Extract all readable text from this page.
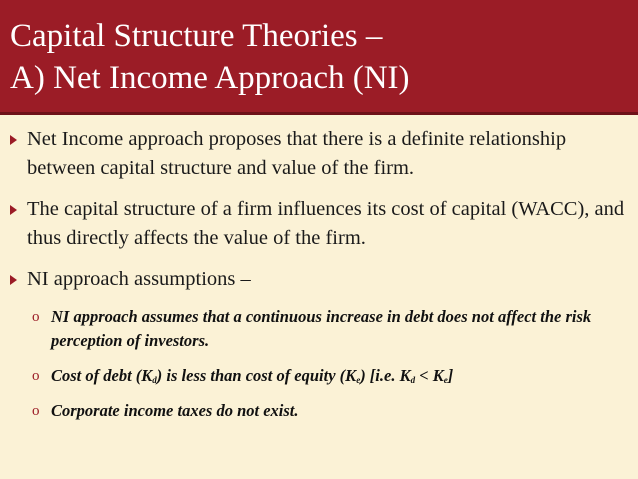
Capital Structure Theories –
A) Net Income Approach (NI)
Net Income approach proposes that there is a definite relationship between capital structure and value of the firm.
The capital structure of a firm influences its cost of capital (WACC), and thus directly affects the value of the firm.
NI approach assumptions –
o NI approach assumes that a continuous increase in debt does not affect the risk perception of investors.
o Cost of debt $(K_d)$ is less than cost of equity $(K_e)$ [i.e. $K_d < K_e$]
o Corporate income taxes do not exist.
